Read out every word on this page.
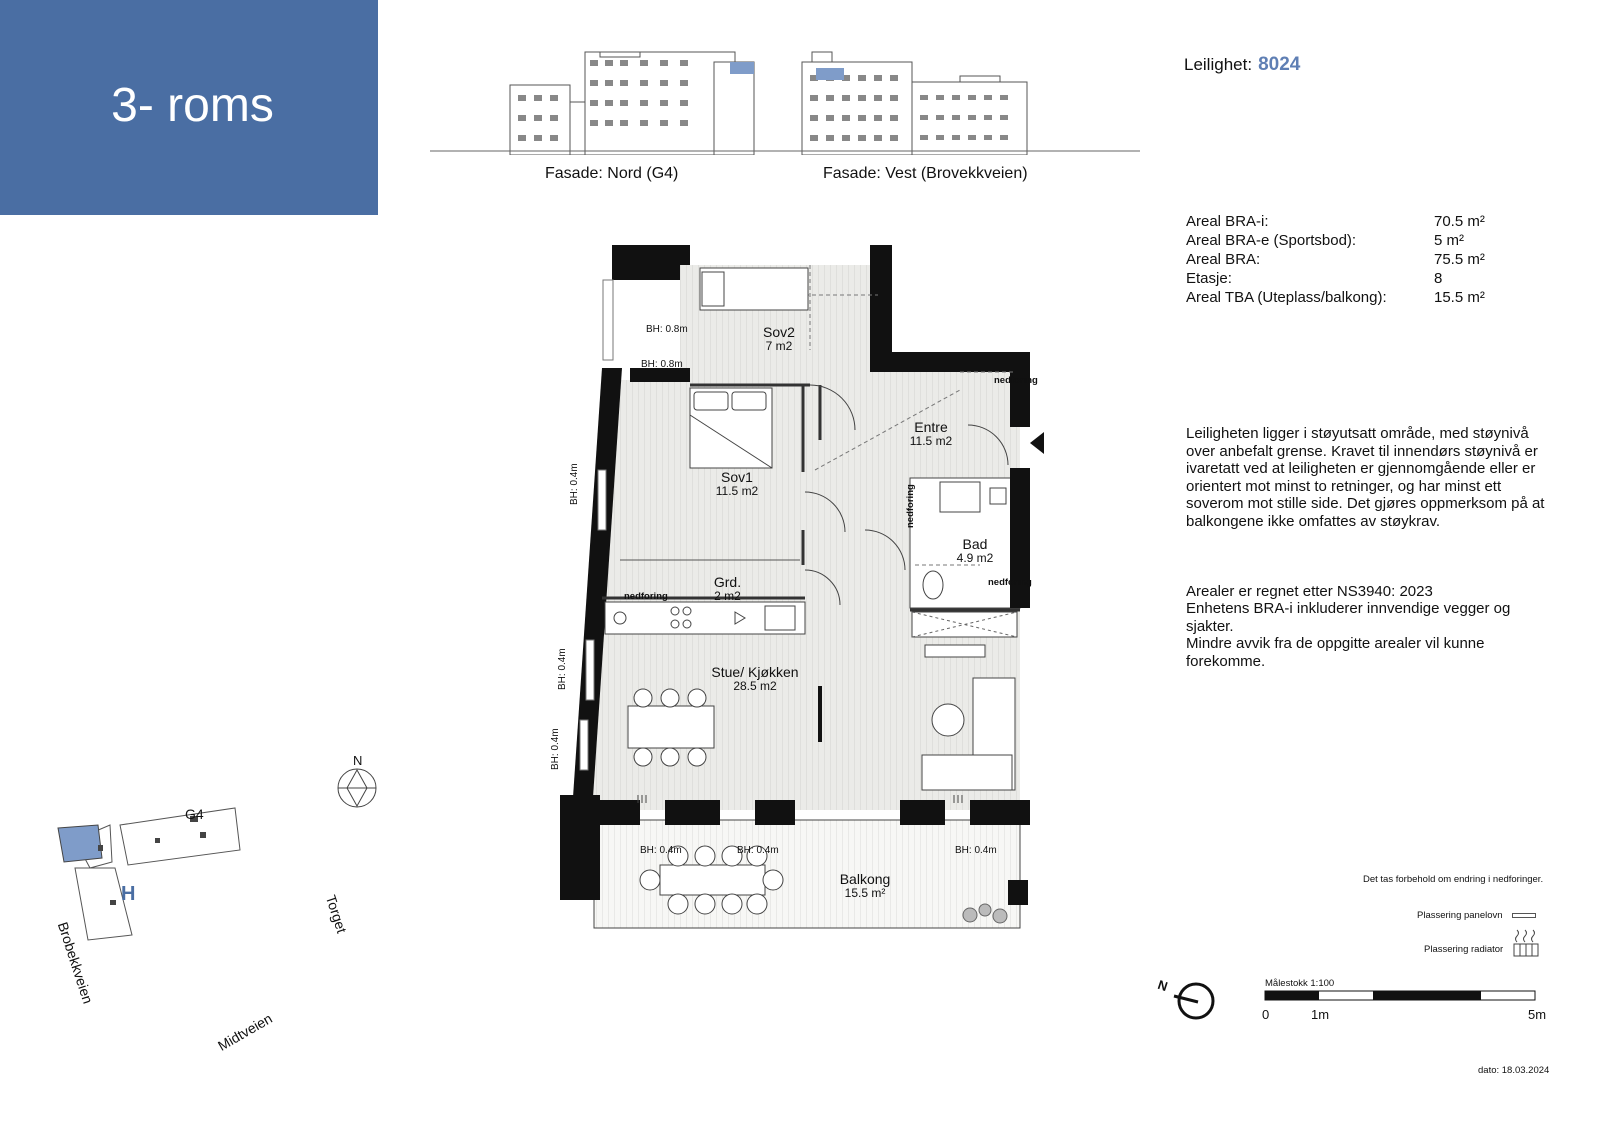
3- roms
Fasade: Nord (G4)	Fasade: Vest (Brovekkveien)
Leilighet: 8024
Areal BRA-i:	70.5 m²
Areal BRA-e (Sportsbod):	5 m²
Areal BRA:	75.5 m²
Etasje:	8
Areal TBA (Uteplass/balkong):	15.5 m²
Leiligheten ligger i støyutsatt område, med støynivå over anbefalt grense. Kravet til innendørs støynivå er ivaretatt ved at leiligheten er gjennomgående eller er orientert mot minst to retninger, og har minst ett soverom mot stille side. Det gjøres oppmerksom på at balkongene ikke omfattes av støykrav.
Arealer er regnet etter NS3940: 2023
Enhetens BRA-i inkluderer innvendige vegger og sjakter.
Mindre avvik fra de oppgitte arealer vil kunne forekomme.
Sov2
7 m2
Entre
11.5 m2
Sov1
11.5 m2
Bad
4.9 m2
Grd.
2 m2
Stue/ Kjøkken
28.5 m2
Balkong
15.5 m²
BH: 0.8m
BH: 0.8m
BH: 0.4m
BH: 0.4m
BH: 0.4m
BH: 0.4m	BH: 0.4m	BH: 0.4m
nedforing
nedforing
nedforing
nedforing
N
G4
H	Torget
Brobekkveien
Midtveien
Det tas forbehold om endring i nedforinger.
Plassering panelovn
Plassering radiator
N	Målestokk 1:100
0	1m	5m
dato: 18.03.2024
